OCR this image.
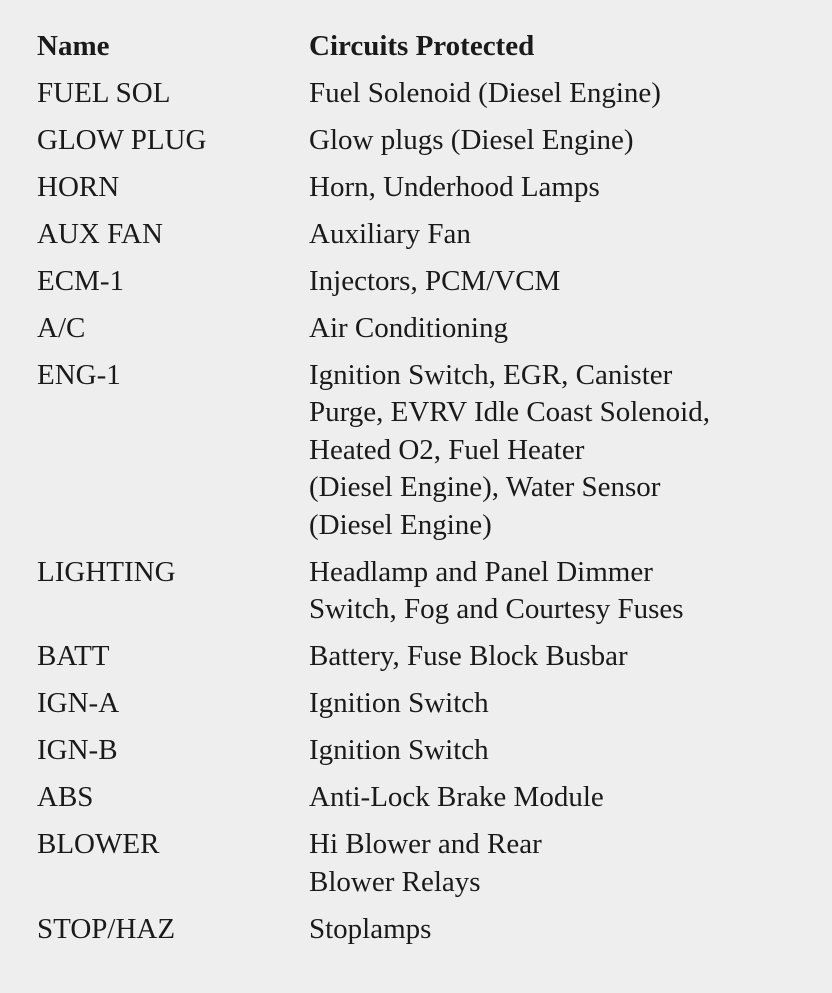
Name	Circuits Protected
FUEL SOL	Fuel Solenoid (Diesel Engine)
GLOW PLUG	Glow plugs (Diesel Engine)
HORN	Horn, Underhood Lamps
AUX FAN	Auxiliary Fan
ECM-1	Injectors, PCM/VCM
A/C	Air Conditioning
ENG-1	Ignition Switch, EGR, Canister
Purge, EVRV Idle Coast Solenoid,
Heated O2, Fuel Heater
(Diesel Engine), Water Sensor
(Diesel Engine)
LIGHTING	Headlamp and Panel Dimmer
Switch, Fog and Courtesy Fuses
BATT	Battery, Fuse Block Busbar
IGN-A	Ignition Switch
IGN-B	Ignition Switch
ABS	Anti-Lock Brake Module
BLOWER	Hi Blower and Rear
Blower Relays
STOP/HAZ	Stoplamps
